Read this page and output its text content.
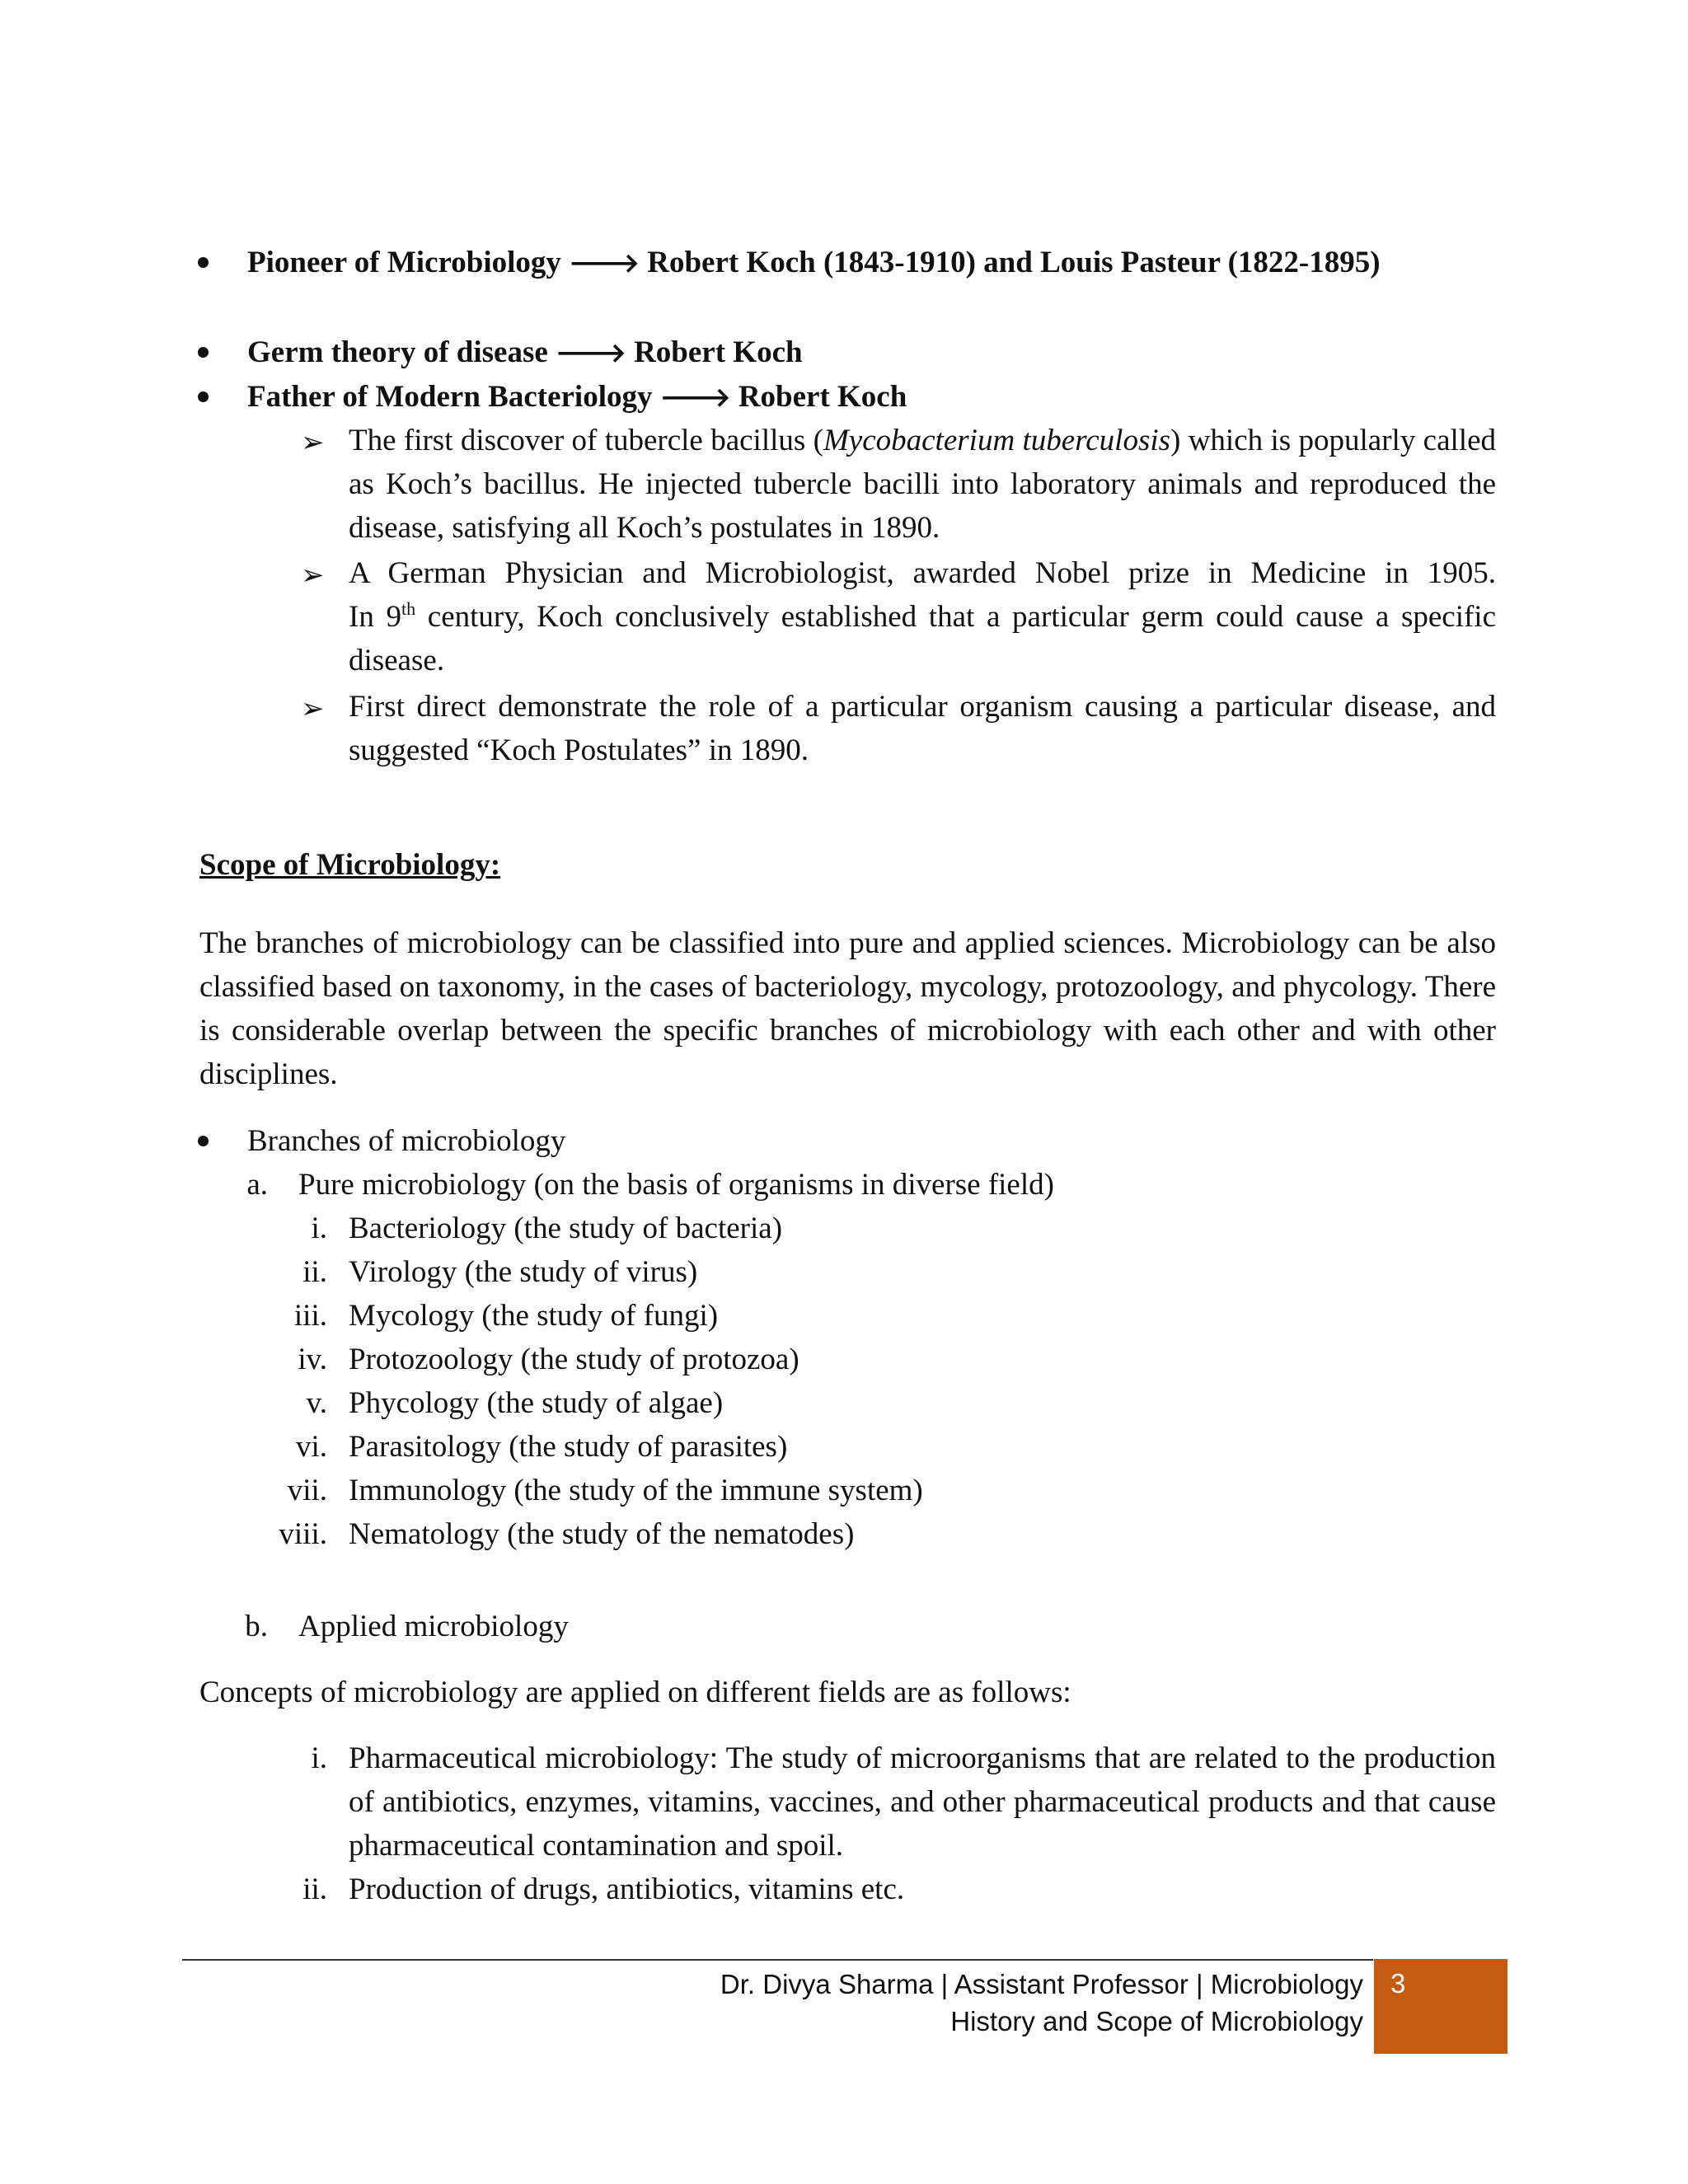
Pioneer of Microbiology 🡒 Robert Koch (1843-1910) and Louis Pasteur (1822-1895)
Germ theory of disease 🡒 Robert Koch
Father of Modern Bacteriology 🡒 Robert Koch
➢ The first discover of tubercle bacillus (Mycobacterium tuberculosis) which is popularly called as Koch’s bacillus. He injected tubercle bacilli into laboratory animals and reproduced the disease, satisfying all Koch’s postulates in 1890.
➢ A German Physician and Microbiologist, awarded Nobel prize in Medicine in 1905.
In 9th century, Koch conclusively established that a particular germ could cause a specific disease.
➢ First direct demonstrate the role of a particular organism causing a particular disease, and suggested “Koch Postulates” in 1890.
Scope of Microbiology:
The branches of microbiology can be classified into pure and applied sciences. Microbiology can be also classified based on taxonomy, in the cases of bacteriology, mycology, protozoology, and phycology. There is considerable overlap between the specific branches of microbiology with each other and with other disciplines.
Branches of microbiology
a. Pure microbiology (on the basis of organisms in diverse field)
i. Bacteriology (the study of bacteria)
ii. Virology (the study of virus)
iii. Mycology (the study of fungi)
iv. Protozoology (the study of protozoa)
v. Phycology (the study of algae)
vi. Parasitology (the study of parasites)
vii. Immunology (the study of the immune system)
viii. Nematology (the study of the nematodes)
b. Applied microbiology
Concepts of microbiology are applied on different fields are as follows:
i. Pharmaceutical microbiology: The study of microorganisms that are related to the production of antibiotics, enzymes, vitamins, vaccines, and other pharmaceutical products and that cause pharmaceutical contamination and spoil.
ii. Production of drugs, antibiotics, vitamins etc.
Dr. Divya Sharma | Assistant Professor | Microbiology
History and Scope of Microbiology
3
